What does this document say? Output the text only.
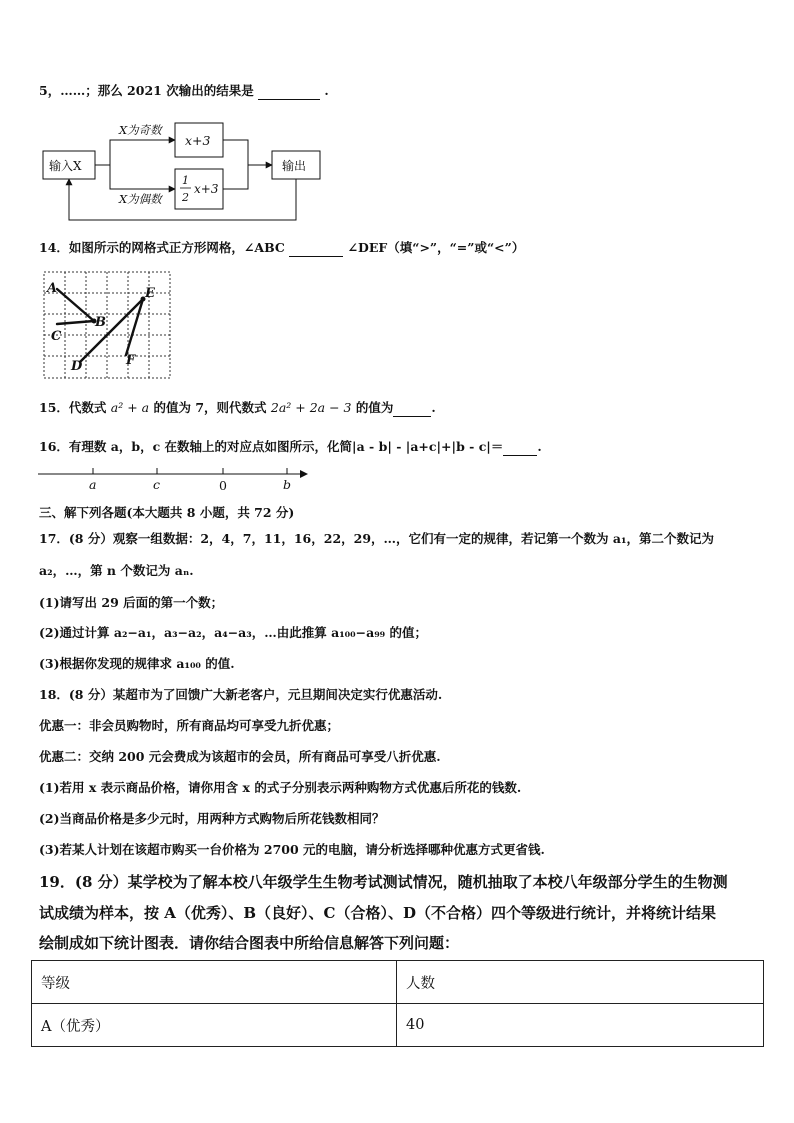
5，……；那么 2021 次输出的结果是	.
输入X
X为奇数
X为偶数
x+3
1
2
x+3
输出
14．如图所示的网格式正方形网格，∠ABC	∠DEF（填“>”，“=”或“<”）
A
B
C
D
E
F
15．代数式 a² + a 的值为 7，则代数式 2a² + 2a − 3 的值为	.
16．有理数 a，b，c 在数轴上的对应点如图所示，化简|a - b| - |a+c|+|b - c|＝	.
a	c	0	b
三、解下列各题(本大题共 8 小题，共 72 分)
17．(8 分）观察一组数据：2，4，7，11，16，22，29，…，它们有一定的规律，若记第一个数为 a₁，第二个数记为
a₂，…，第 n 个数记为 aₙ.
(1)请写出 29 后面的第一个数；
(2)通过计算 a₂−a₁，a₃−a₂，a₄−a₃，…由此推算 a₁₀₀−a₉₉ 的值；
(3)根据你发现的规律求 a₁₀₀ 的值.
18．(8 分）某超市为了回馈广大新老客户，元旦期间决定实行优惠活动.
优惠一：非会员购物时，所有商品均可享受九折优惠；
优惠二：交纳 200 元会费成为该超市的会员，所有商品可享受八折优惠.
(1)若用 x 表示商品价格，请你用含 x 的式子分别表示两种购物方式优惠后所花的钱数.
(2)当商品价格是多少元时，用两种方式购物后所花钱数相同？
(3)若某人计划在该超市购买一台价格为 2700 元的电脑，请分析选择哪种优惠方式更省钱.
19．(8 分）某学校为了解本校八年级学生生物考试测试情况，随机抽取了本校八年级部分学生的生物测
试成绩为样本，按 A（优秀）、B（良好）、C（合格）、D（不合格）四个等级进行统计，并将统计结果
绘制成如下统计图表．请你结合图表中所给信息解答下列问题：
等级	人数
A（优秀）	40
